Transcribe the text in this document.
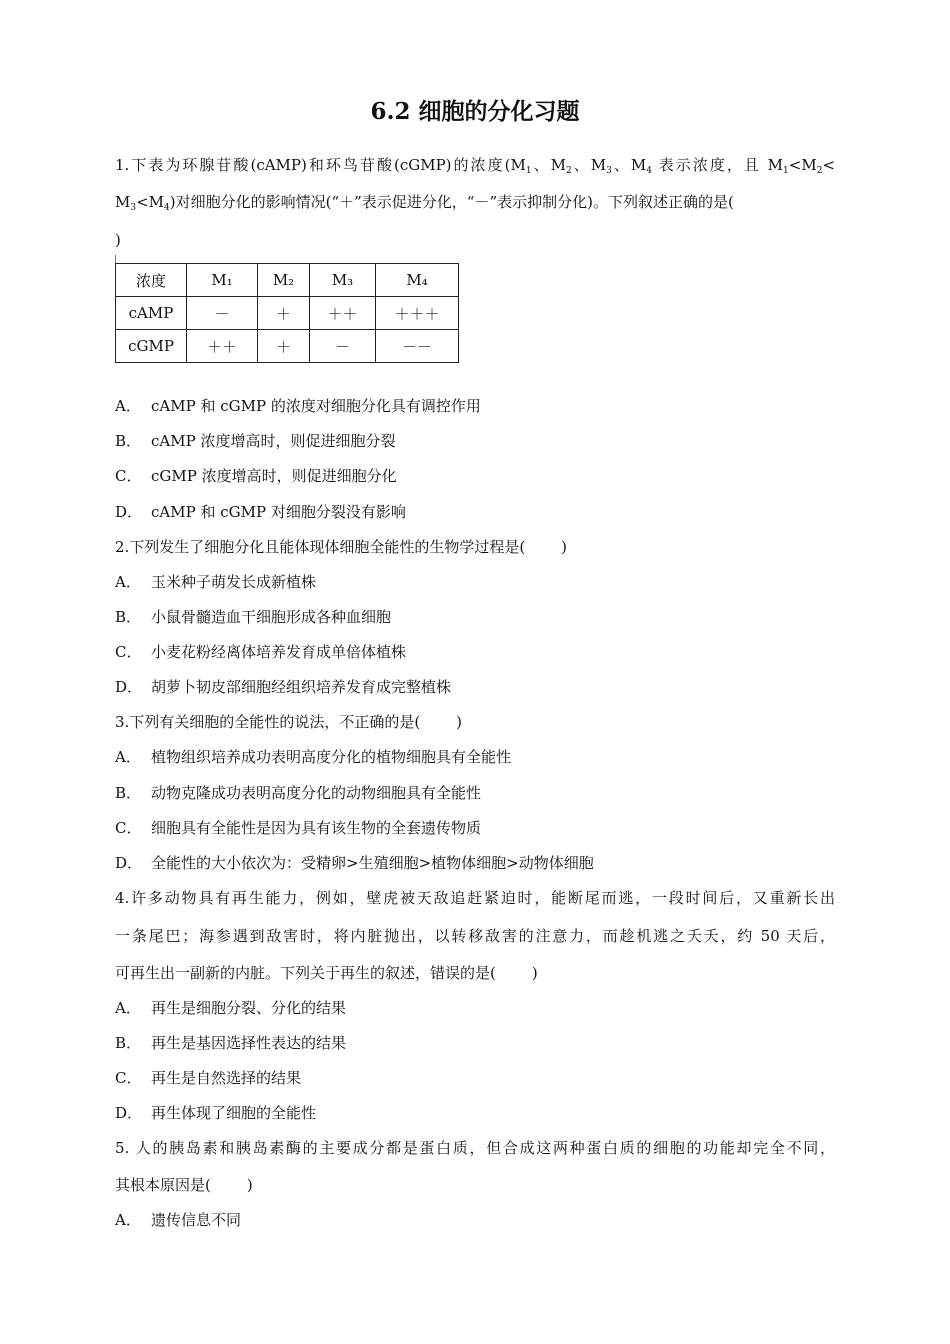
6.2 细胞的分化习题
1.下表为环腺苷酸(cAMP)和环鸟苷酸(cGMP)的浓度($M_1$、$M_2$、$M_3$、$M_4$ 表示浓度，且 $M_1<M_2<$
$M_3<M_4$)对细胞分化的影响情况(“＋”表示促进分化，“－”表示抑制分化)。下列叙述正确的是(
)
浓度	M₁	M₂	M₃	M₄
cAMP	－	＋	＋＋	＋＋＋
cGMP	＋＋	＋	－	－－
A． cAMP 和 cGMP 的浓度对细胞分化具有调控作用
B． cAMP 浓度增高时，则促进细胞分裂
C． cGMP 浓度增高时，则促进细胞分化
D． cAMP 和 cGMP 对细胞分裂没有影响
2.下列发生了细胞分化且能体现体细胞全能性的生物学过程是( )
A． 玉米种子萌发长成新植株
B． 小鼠骨髓造血干细胞形成各种血细胞
C． 小麦花粉经离体培养发育成单倍体植株
D． 胡萝卜韧皮部细胞经组织培养发育成完整植株
3.下列有关细胞的全能性的说法，不正确的是( )
A． 植物组织培养成功表明高度分化的植物细胞具有全能性
B． 动物克隆成功表明高度分化的动物细胞具有全能性
C． 细胞具有全能性是因为具有该生物的全套遗传物质
D． 全能性的大小依次为：受精卵>生殖细胞>植物体细胞>动物体细胞
4.许多动物具有再生能力，例如，壁虎被天敌追赶紧迫时，能断尾而逃，一段时间后，又重新长出
一条尾巴；海参遇到敌害时，将内脏抛出，以转移敌害的注意力，而趁机逃之夭夭，约 50 天后，
可再生出一副新的内脏。下列关于再生的叙述，错误的是( )
A． 再生是细胞分裂、分化的结果
B． 再生是基因选择性表达的结果
C． 再生是自然选择的结果
D． 再生体现了细胞的全能性
5. 人的胰岛素和胰岛素酶的主要成分都是蛋白质，但合成这两种蛋白质的细胞的功能却完全不同，
其根本原因是( )
A． 遗传信息不同
